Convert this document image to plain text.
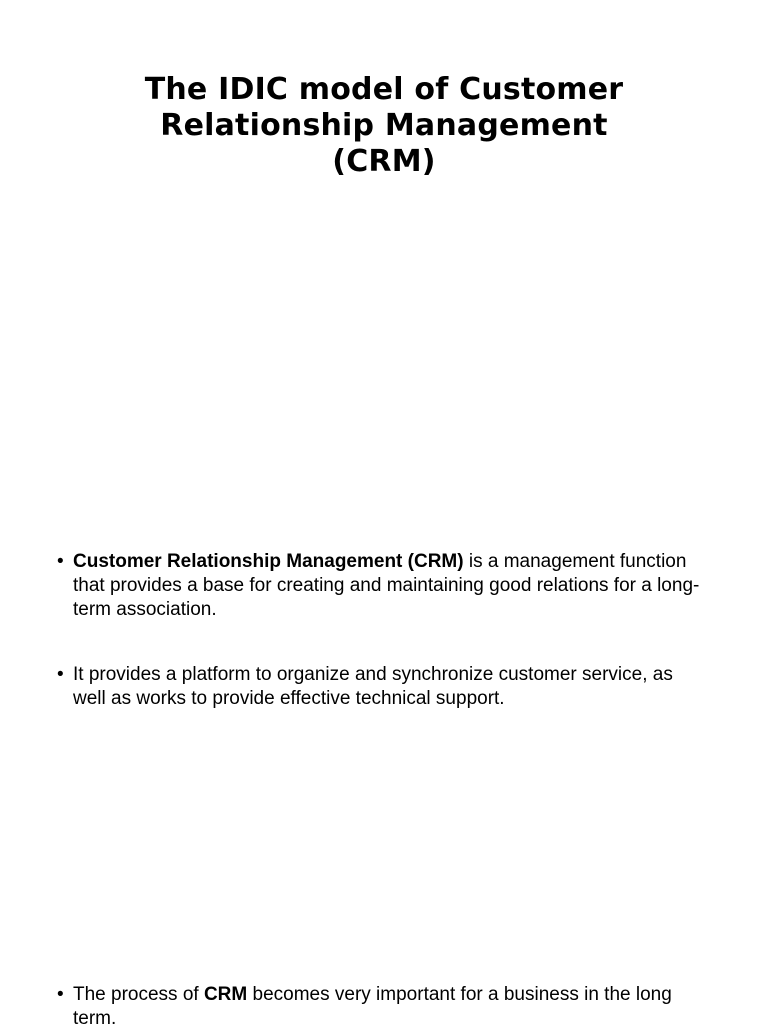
The IDIC model of Customer
Relationship Management
(CRM)
• Customer Relationship Management (CRM) is a management function that provides a base for creating and maintaining good relations for a long-term association.
• It provides a platform to organize and synchronize customer service, as well as works to provide effective technical support.
• The process of CRM becomes very important for a business in the long term.
